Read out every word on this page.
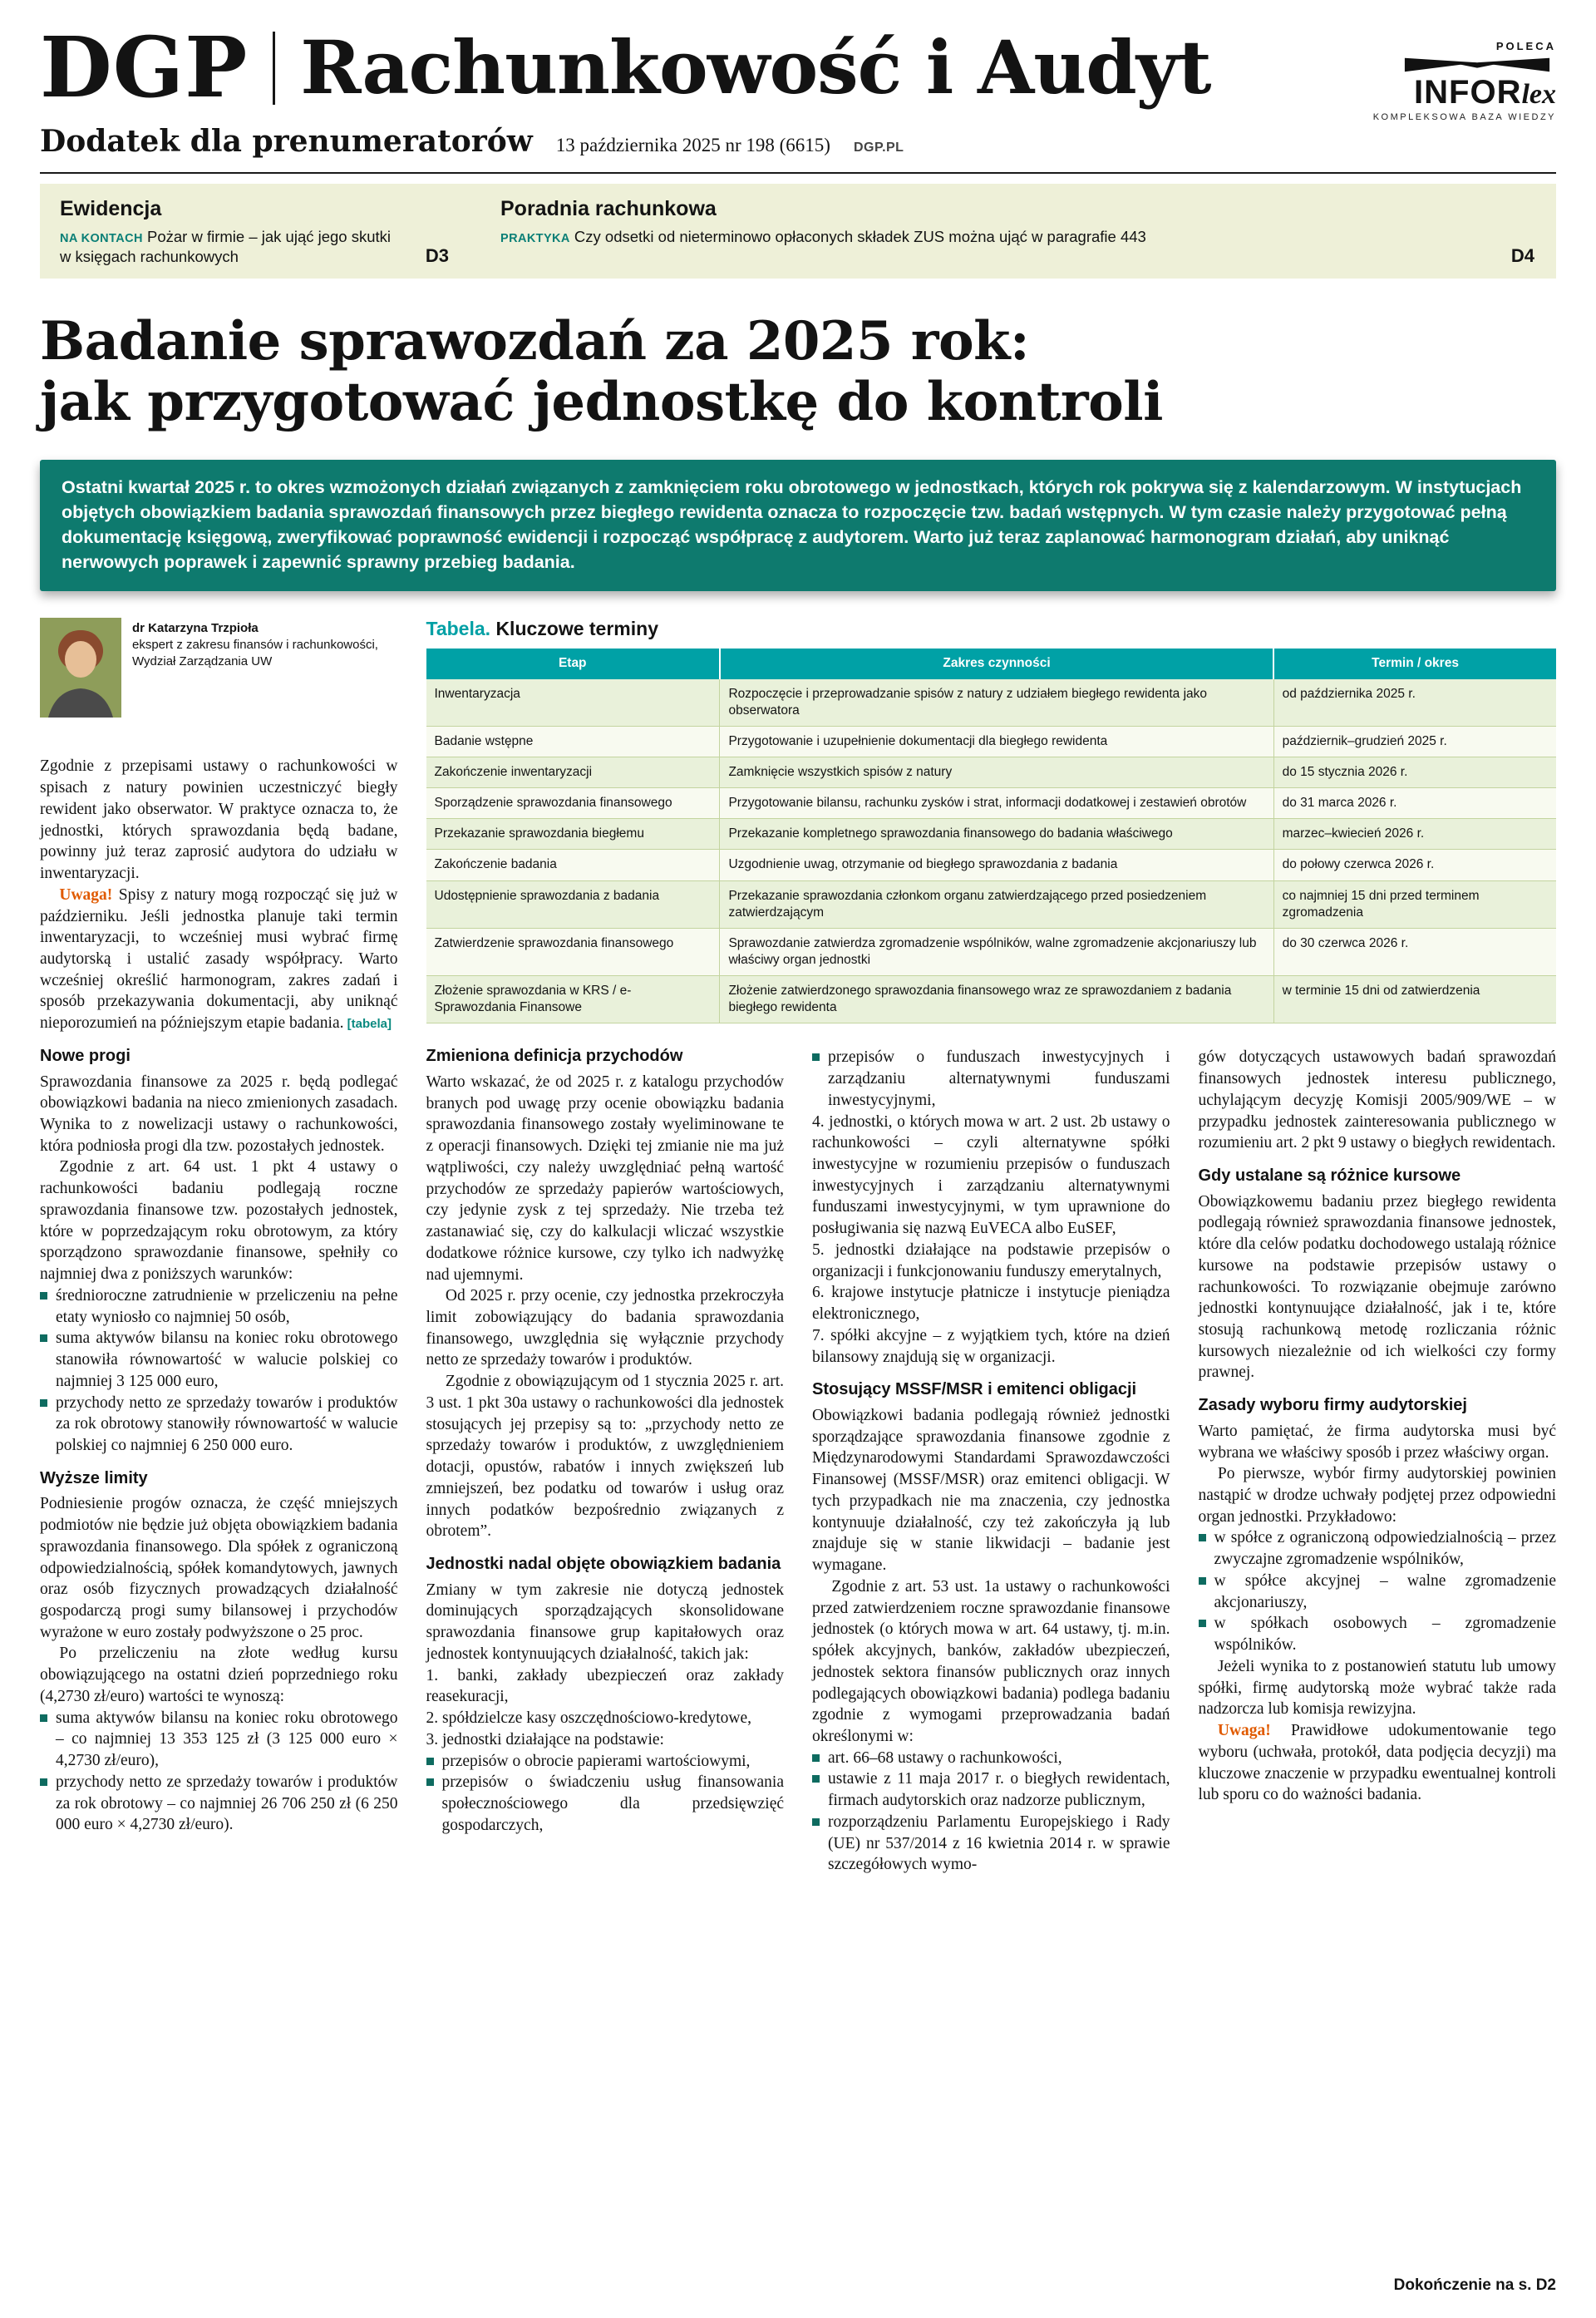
DGP Rachunkowość i Audyt
Dodatek dla prenumeratorów 13 października 2025 nr 198 (6615) DGP.PL
POLECA
INFORlex
KOMPLEKSOWA BAZA WIEDZY
Ewidencja

NA KONTACH Pożar w firmie – jak ująć jego skutki w księgach rachunkowych	D3
Poradnia rachunkowa

PRAKTYKA Czy odsetki od nieterminowo opłaconych składek ZUS można ująć w paragrafie 443

D4
Badanie sprawozdań za 2025 rok:
jak przygotować jednostkę do kontroli
Ostatni kwartał 2025 r. to okres wzmożonych działań związanych z zamknięciem roku obrotowego w jednostkach, których rok pokrywa się z kalendarzowym. W instytucjach objętych obowiązkiem badania sprawozdań finansowych przez biegłego rewidenta oznacza to rozpoczęcie tzw. badań wstępnych. W tym czasie należy przygotować pełną dokumentację księgową, zweryfikować poprawność ewidencji i rozpocząć współpracę z audytorem. Warto już teraz zaplanować harmonogram działań, aby uniknąć nerwowych poprawek i zapewnić sprawny przebieg badania.
dr Katarzyna Trzpioła
ekspert z zakresu finansów i rachunkowości, Wydział Zarządzania UW

Zgodnie z przepisami ustawy o rachunkowości w spisach z natury powinien uczestniczyć biegły rewident jako obserwator. W praktyce oznacza to, że jednostki, których sprawozdania będą badane, powinny już teraz zaprosić audytora do udziału w inwentaryzacji.

Uwaga! Spisy z natury mogą rozpocząć się już w październiku. Jeśli jednostka planuje taki termin inwentaryzacji, to wcześniej musi wybrać firmę audytorską i ustalić zasady współpracy. Warto wcześniej określić harmonogram, zakres zadań i sposób przekazywania dokumentacji, aby uniknąć nieporozumień na późniejszym etapie badania. [tabela]

Nowe progi

Sprawozdania finansowe za 2025 r. będą podlegać obowiązkowi badania na nieco zmienionych zasadach. Wynika to z nowelizacji ustawy o rachunkowości, która podniosła progi dla tzw. pozostałych jednostek.

Zgodnie z art. 64 ust. 1 pkt 4 ustawy o rachunkowości badaniu podlegają roczne sprawozdania finansowe tzw. pozostałych jednostek, które w poprzedzającym roku obrotowym, za który sporządzono sprawozdanie finansowe, spełniły co najmniej dwa z poniższych warunków:

średnioroczne zatrudnienie w przeliczeniu na pełne etaty wyniosło co najmniej 50 osób,
suma aktywów bilansu na koniec roku obrotowego stanowiła równowartość w walucie polskiej co najmniej 3 125 000 euro,
przychody netto ze sprzedaży towarów i produktów za rok obrotowy stanowiły równowartość w walucie polskiej co najmniej 6 250 000 euro.
Wyższe limity

Podniesienie progów oznacza, że część mniejszych podmiotów nie będzie już objęta obowiązkiem badania sprawozdania finansowego. Dla spółek z ograniczoną odpowiedzialnością, spółek komandytowych, jawnych oraz osób fizycznych prowadzących działalność gospodarczą progi sumy bilansowej i przychodów wyrażone w euro zostały podwyższone o 25 proc.

Po przeliczeniu na złote według kursu obowiązującego na ostatni dzień poprzedniego roku (4,2730 zł/euro) wartości te wynoszą:

suma aktywów bilansu na koniec roku obrotowego – co najmniej 13 353 125 zł (3 125 000 euro × 4,2730 zł/euro),
przychody netto ze sprzedaży towarów i produktów za rok obrotowy – co najmniej 26 706 250 zł (6 250 000 euro × 4,2730 zł/euro).
Tabela. Kluczowe terminy
Etap	Zakres czynności	Termin / okres
Inwentaryzacja	Rozpoczęcie i przeprowadzanie spisów z natury z udziałem biegłego rewidenta jako obserwatora	od października 2025 r.
Badanie wstępne	Przygotowanie i uzupełnienie dokumentacji dla biegłego rewidenta	październik–grudzień 2025 r.
Zakończenie inwentaryzacji	Zamknięcie wszystkich spisów z natury	do 15 stycznia 2026 r.
Sporządzenie sprawozdania finansowego	Przygotowanie bilansu, rachunku zysków i strat, informacji dodatkowej i zestawień obrotów	do 31 marca 2026 r.
Przekazanie sprawozdania biegłemu	Przekazanie kompletnego sprawozdania finansowego do badania właściwego	marzec–kwiecień 2026 r.
Zakończenie badania	Uzgodnienie uwag, otrzymanie od biegłego sprawozdania z badania	do połowy czerwca 2026 r.
Udostępnienie sprawozdania z badania	Przekazanie sprawozdania członkom organu zatwierdzającego przed posiedzeniem zatwierdzającym	co najmniej 15 dni przed terminem zgromadzenia
Zatwierdzenie sprawozdania finansowego	Sprawozdanie zatwierdza zgromadzenie wspólników, walne zgromadzenie akcjonariuszy lub właściwy organ jednostki	do 30 czerwca 2026 r.
Złożenie sprawozdania w KRS / e-Sprawozdania Finansowe	Złożenie zatwierdzonego sprawozdania finansowego wraz ze sprawozdaniem z badania biegłego rewidenta	w terminie 15 dni od zatwierdzenia
Zmieniona definicja przychodów

Warto wskazać, że od 2025 r. z katalogu przychodów branych pod uwagę przy ocenie obowiązku badania sprawozdania finansowego zostały wyeliminowane te z operacji finansowych. Dzięki tej zmianie nie ma już wątpliwości, czy należy uwzględniać pełną wartość przychodów ze sprzedaży papierów wartościowych, czy jedynie zysk z tej sprzedaży. Nie trzeba też zastanawiać się, czy do kalkulacji wliczać wszystkie dodatkowe różnice kursowe, czy tylko ich nadwyżkę nad ujemnymi.

Od 2025 r. przy ocenie, czy jednostka przekroczyła limit zobowiązujący do badania sprawozdania finansowego, uwzględnia się wyłącznie przychody netto ze sprzedaży towarów i produktów.

Zgodnie z obowiązującym od 1 stycznia 2025 r. art. 3 ust. 1 pkt 30a ustawy o rachunkowości dla jednostek stosujących jej przepisy są to: „przychody netto ze sprzedaży towarów i produktów, z uwzględnieniem dotacji, opustów, rabatów i innych zwiększeń lub zmniejszeń, bez podatku od towarów i usług oraz innych podatków bezpośrednio związanych z obrotem”.

Jednostki nadal objęte obowiązkiem badania

Zmiany w tym zakresie nie dotyczą jednostek dominujących sporządzających skonsolidowane sprawozdania finansowe grup kapitałowych oraz jednostek kontynuujących działalność, takich jak:

1. banki, zakłady ubezpieczeń oraz zakłady reasekuracji,

2. spółdzielcze kasy oszczędnościowo-kredytowe,

3. jednostki działające na podstawie:

przepisów o obrocie papierami wartościowymi,
przepisów o świadczeniu usług finansowania społecznościowego dla przedsięwzięć gospodarczych,
przepisów o funduszach inwestycyjnych i zarządzaniu alternatywnymi funduszami inwestycyjnymi,

4. jednostki, o których mowa w art. 2 ust. 2b ustawy o rachunkowości – czyli alternatywne spółki inwestycyjne w rozumieniu przepisów o funduszach inwestycyjnych i zarządzaniu alternatywnymi funduszami inwestycyjnymi, w tym uprawnione do posługiwania się nazwą EuVECA albo EuSEF,

5. jednostki działające na podstawie przepisów o organizacji i funkcjonowaniu funduszy emerytalnych,

6. krajowe instytucje płatnicze i instytucje pieniądza elektronicznego,

7. spółki akcyjne – z wyjątkiem tych, które na dzień bilansowy znajdują się w organizacji.

Stosujący MSSF/MSR i emitenci obligacji

Obowiązkowi badania podlegają również jednostki sporządzające sprawozdania finansowe zgodnie z Międzynarodowymi Standardami Sprawozdawczości Finansowej (MSSF/MSR) oraz emitenci obligacji. W tych przypadkach nie ma znaczenia, czy jednostka kontynuuje działalność, czy też zakończyła ją lub znajduje się w stanie likwidacji – badanie jest wymagane.

Zgodnie z art. 53 ust. 1a ustawy o rachunkowości przed zatwierdzeniem roczne sprawozdanie finansowe jednostek (o których mowa w art. 64 ustawy, tj. m.in. spółek akcyjnych, banków, zakładów ubezpieczeń, jednostek sektora finansów publicznych oraz innych podlegających obowiązkowi badania) podlega badaniu zgodnie z wymogami przeprowadzania badań określonymi w:

art. 66–68 ustawy o rachunkowości,
ustawie z 11 maja 2017 r. o biegłych rewidentach, firmach audytorskich oraz nadzorze publicznym,
rozporządzeniu Parlamentu Europejskiego i Rady (UE) nr 537/2014 z 16 kwietnia 2014 r. w sprawie szczegółowych wymo-

gów dotyczących ustawowych badań sprawozdań finansowych jednostek interesu publicznego, uchylającym decyzję Komisji 2005/909/WE – w przypadku jednostek zainteresowania publicznego w rozumieniu art. 2 pkt 9 ustawy o biegłych rewidentach.

Gdy ustalane są różnice kursowe

Obowiązkowemu badaniu przez biegłego rewidenta podlegają również sprawozdania finansowe jednostek, które dla celów podatku dochodowego ustalają różnice kursowe na podstawie przepisów ustawy o rachunkowości. To rozwiązanie obejmuje zarówno jednostki kontynuujące działalność, jak i te, które stosują rachunkową metodę rozliczania różnic kursowych niezależnie od ich wielkości czy formy prawnej.

Zasady wyboru firmy audytorskiej

Warto pamiętać, że firma audytorska musi być wybrana we właściwy sposób i przez właściwy organ.

Po pierwsze, wybór firmy audytorskiej powinien nastąpić w drodze uchwały podjętej przez odpowiedni organ jednostki. Przykładowo:

w spółce z ograniczoną odpowiedzialnością – przez zwyczajne zgromadzenie wspólników,
w spółce akcyjnej – walne zgromadzenie akcjonariuszy,
w spółkach osobowych – zgromadzenie wspólników.

Jeżeli wynika to z postanowień statutu lub umowy spółki, firmę audytorską może wybrać także rada nadzorcza lub komisja rewizyjna.

Uwaga! Prawidłowe udokumentowanie tego wyboru (uchwała, protokół, data podjęcia decyzji) ma kluczowe znaczenie w przypadku ewentualnej kontroli lub sporu co do ważności badania.

Dokończenie na s. D2
